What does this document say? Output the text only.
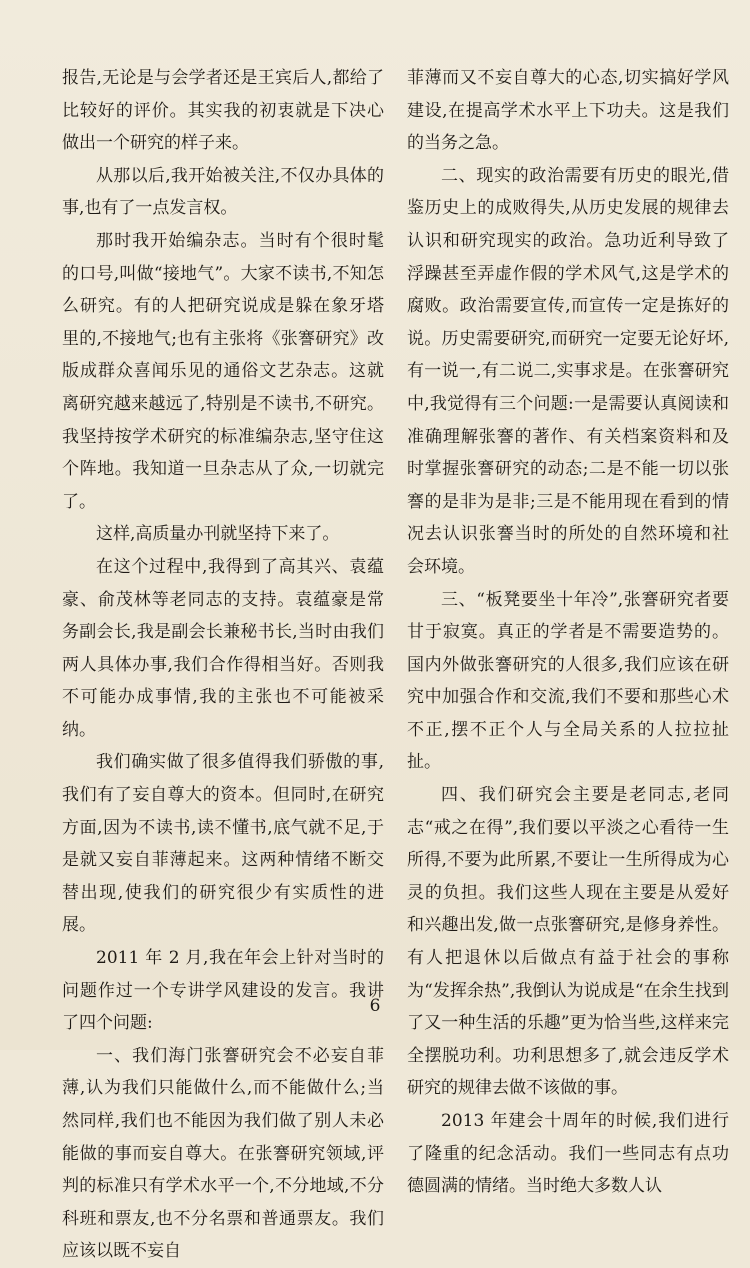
报告,无论是与会学者还是王宾后人,都给了比较好的评价。其实我的初衷就是下决心做出一个研究的样子来。

从那以后,我开始被关注,不仅办具体的事,也有了一点发言权。

那时我开始编杂志。当时有个很时髦的口号,叫做“接地气”。大家不读书,不知怎么研究。有的人把研究说成是躲在象牙塔里的,不接地气;也有主张将《张謇研究》改版成群众喜闻乐见的通俗文艺杂志。这就离研究越来越远了,特别是不读书,不研究。我坚持按学术研究的标准编杂志,坚守住这个阵地。我知道一旦杂志从了众,一切就完了。

这样,高质量办刊就坚持下来了。

在这个过程中,我得到了高其兴、袁蕴豪、俞茂林等老同志的支持。袁蕴豪是常务副会长,我是副会长兼秘书长,当时由我们两人具体办事,我们合作得相当好。否则我不可能办成事情,我的主张也不可能被采纳。

我们确实做了很多值得我们骄傲的事,我们有了妄自尊大的资本。但同时,在研究方面,因为不读书,读不懂书,底气就不足,于是就又妄自菲薄起来。这两种情绪不断交替出现,使我们的研究很少有实质性的进展。

2011 年 2 月,我在年会上针对当时的问题作过一个专讲学风建设的发言。我讲了四个问题:

一、我们海门张謇研究会不必妄自菲薄,认为我们只能做什么,而不能做什么;当然同样,我们也不能因为我们做了别人未必能做的事而妄自尊大。在张謇研究领域,评判的标准只有学术水平一个,不分地域,不分科班和票友,也不分名票和普通票友。我们应该以既不妄自

菲薄而又不妄自尊大的心态,切实搞好学风建设,在提高学术水平上下功夫。这是我们的当务之急。

二、现实的政治需要有历史的眼光,借鉴历史上的成败得失,从历史发展的规律去认识和研究现实的政治。急功近利导致了浮躁甚至弄虚作假的学术风气,这是学术的腐败。政治需要宣传,而宣传一定是拣好的说。历史需要研究,而研究一定要无论好坏,有一说一,有二说二,实事求是。在张謇研究中,我觉得有三个问题:一是需要认真阅读和准确理解张謇的著作、有关档案资料和及时掌握张謇研究的动态;二是不能一切以张謇的是非为是非;三是不能用现在看到的情况去认识张謇当时的所处的自然环境和社会环境。

三、“板凳要坐十年冷”,张謇研究者要甘于寂寞。真正的学者是不需要造势的。国内外做张謇研究的人很多,我们应该在研究中加强合作和交流,我们不要和那些心术不正,摆不正个人与全局关系的人拉拉扯扯。

四、我们研究会主要是老同志,老同志“戒之在得”,我们要以平淡之心看待一生所得,不要为此所累,不要让一生所得成为心灵的负担。我们这些人现在主要是从爱好和兴趣出发,做一点张謇研究,是修身养性。有人把退休以后做点有益于社会的事称为“发挥余热”,我倒认为说成是“在余生找到了又一种生活的乐趣”更为恰当些,这样来完全摆脱功利。功利思想多了,就会违反学术研究的规律去做不该做的事。

2013 年建会十周年的时候,我们进行了隆重的纪念活动。我们一些同志有点功德圆满的情绪。当时绝大多数人认

6
